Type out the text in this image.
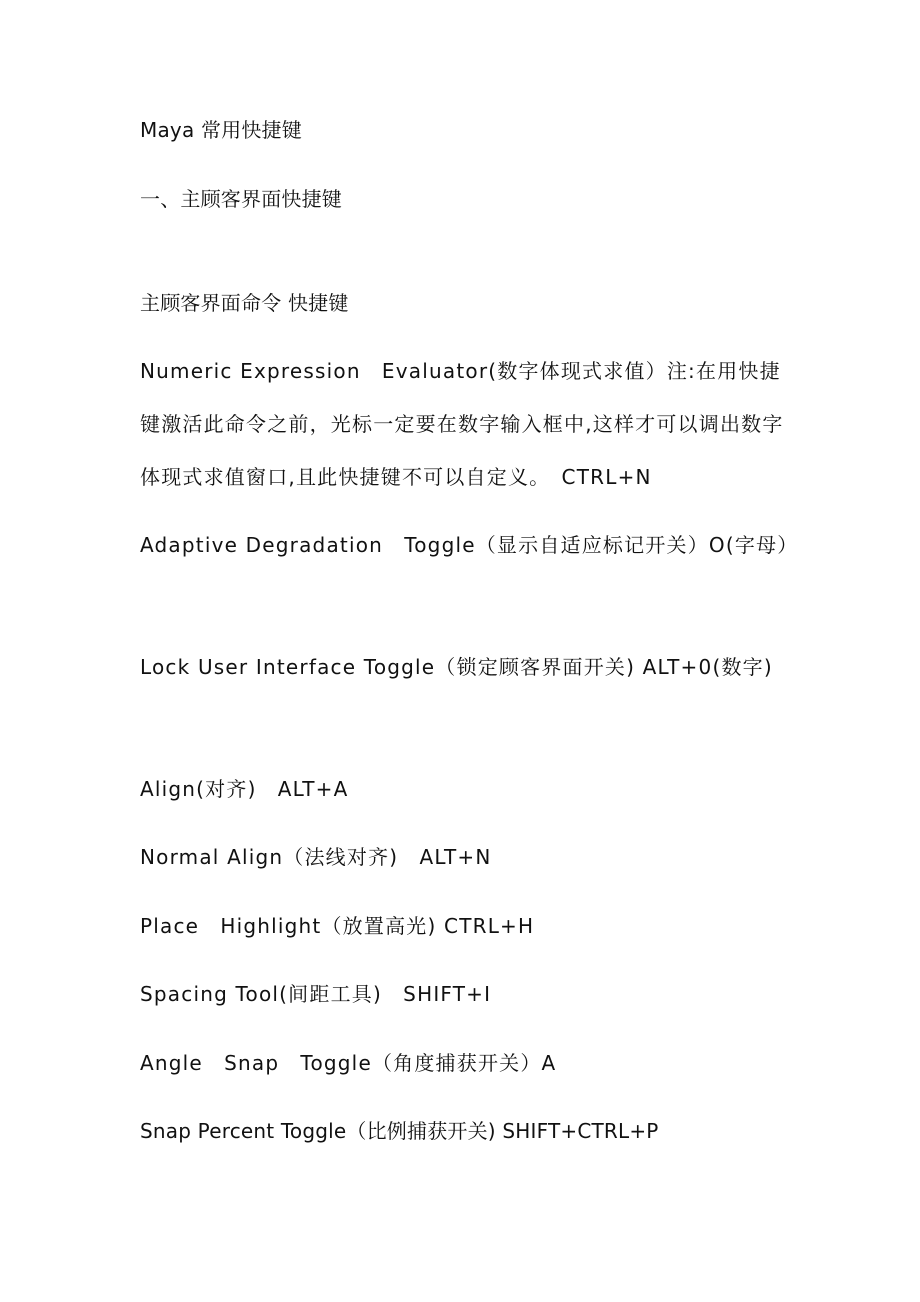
Maya 常用快捷键
一、主顾客界面快捷键
主顾客界面命令 快捷键
Numeric Expression　Evaluator(数字体现式求值）注:在用快捷键激活此命令之前，光标一定要在数字输入框中,这样才可以调出数字体现式求值窗口,且此快捷键不可以自定义。　CTRL+N
Adaptive Degradation　Toggle（显示自适应标记开关）O(字母）
Lock User Interface Toggle（锁定顾客界面开关) ALT+0(数字)
Align(对齐)　ALT+A
Normal Align（法线对齐)　ALT+N
Place　Highlight（放置高光) CTRL+H
Spacing Tool(间距工具)　SHIFT+I
Angle　Snap　Toggle（角度捕获开关）A
Snap Percent Toggle（比例捕获开关) SHIFT+CTRL+P
